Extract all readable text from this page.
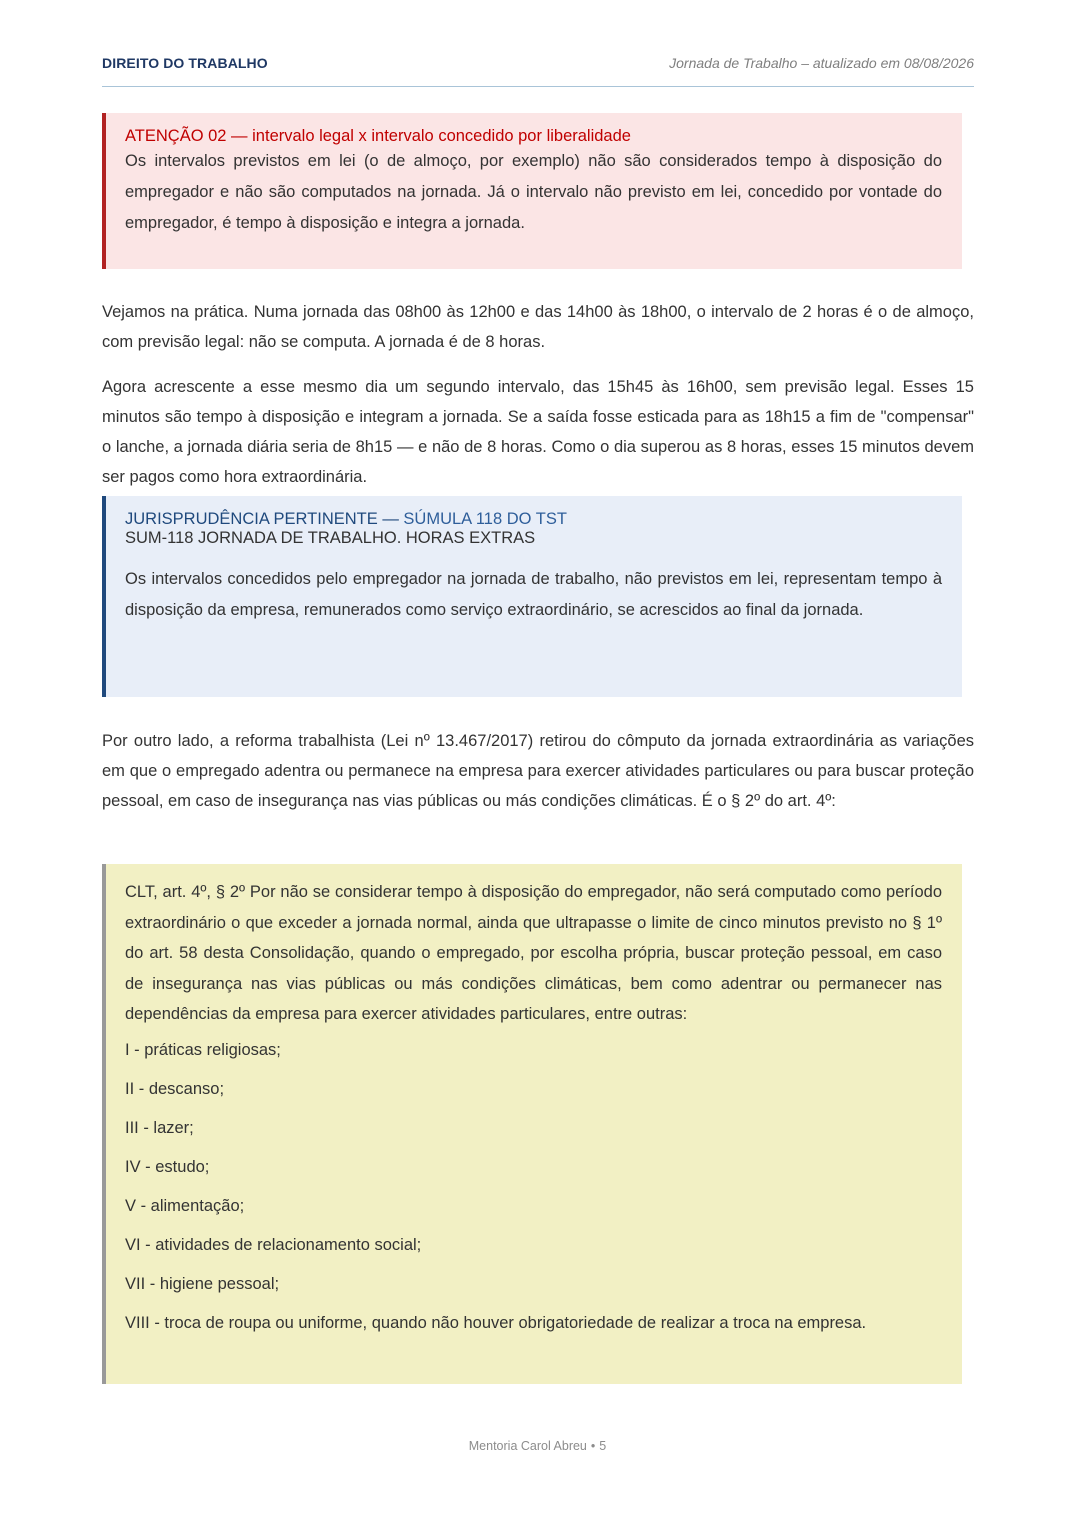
DIREITO DO TRABALHO	Jornada de Trabalho – atualizado em 08/08/2026

ATENÇÃO 02 — intervalo legal x intervalo concedido por liberalidade

Os intervalos previstos em lei (o de almoço, por exemplo) não são considerados tempo à disposição do empregador e não são computados na jornada. Já o intervalo não previsto em lei, concedido por vontade do empregador, é tempo à disposição e integra a jornada.

Vejamos na prática. Numa jornada das 08h00 às 12h00 e das 14h00 às 18h00, o intervalo de 2 horas é o de almoço, com previsão legal: não se computa. A jornada é de 8 horas.

Agora acrescente a esse mesmo dia um segundo intervalo, das 15h45 às 16h00, sem previsão legal. Esses 15 minutos são tempo à disposição e integram a jornada. Se a saída fosse esticada para as 18h15 a fim de "compensar" o lanche, a jornada diária seria de 8h15 — e não de 8 horas. Como o dia superou as 8 horas, esses 15 minutos devem ser pagos como hora extraordinária.

JURISPRUDÊNCIA PERTINENTE — SÚMULA 118 DO TST

SUM-118 JORNADA DE TRABALHO. HORAS EXTRAS

Os intervalos concedidos pelo empregador na jornada de trabalho, não previstos em lei, representam tempo à disposição da empresa, remunerados como serviço extraordinário, se acrescidos ao final da jornada.

Por outro lado, a reforma trabalhista (Lei nº 13.467/2017) retirou do cômputo da jornada extraordinária as variações em que o empregado adentra ou permanece na empresa para exercer atividades particulares ou para buscar proteção pessoal, em caso de insegurança nas vias públicas ou más condições climáticas. É o § 2º do art. 4º:

CLT, art. 4º, § 2º Por não se considerar tempo à disposição do empregador, não será computado como período extraordinário o que exceder a jornada normal, ainda que ultrapasse o limite de cinco minutos previsto no § 1º do art. 58 desta Consolidação, quando o empregado, por escolha própria, buscar proteção pessoal, em caso de insegurança nas vias públicas ou más condições climáticas, bem como adentrar ou permanecer nas dependências da empresa para exercer atividades particulares, entre outras:

I - práticas religiosas;

II - descanso;

III - lazer;

IV - estudo;

V - alimentação;

VI - atividades de relacionamento social;

VII - higiene pessoal;

VIII - troca de roupa ou uniforme, quando não houver obrigatoriedade de realizar a troca na empresa.

Mentoria Carol Abreu • 5
